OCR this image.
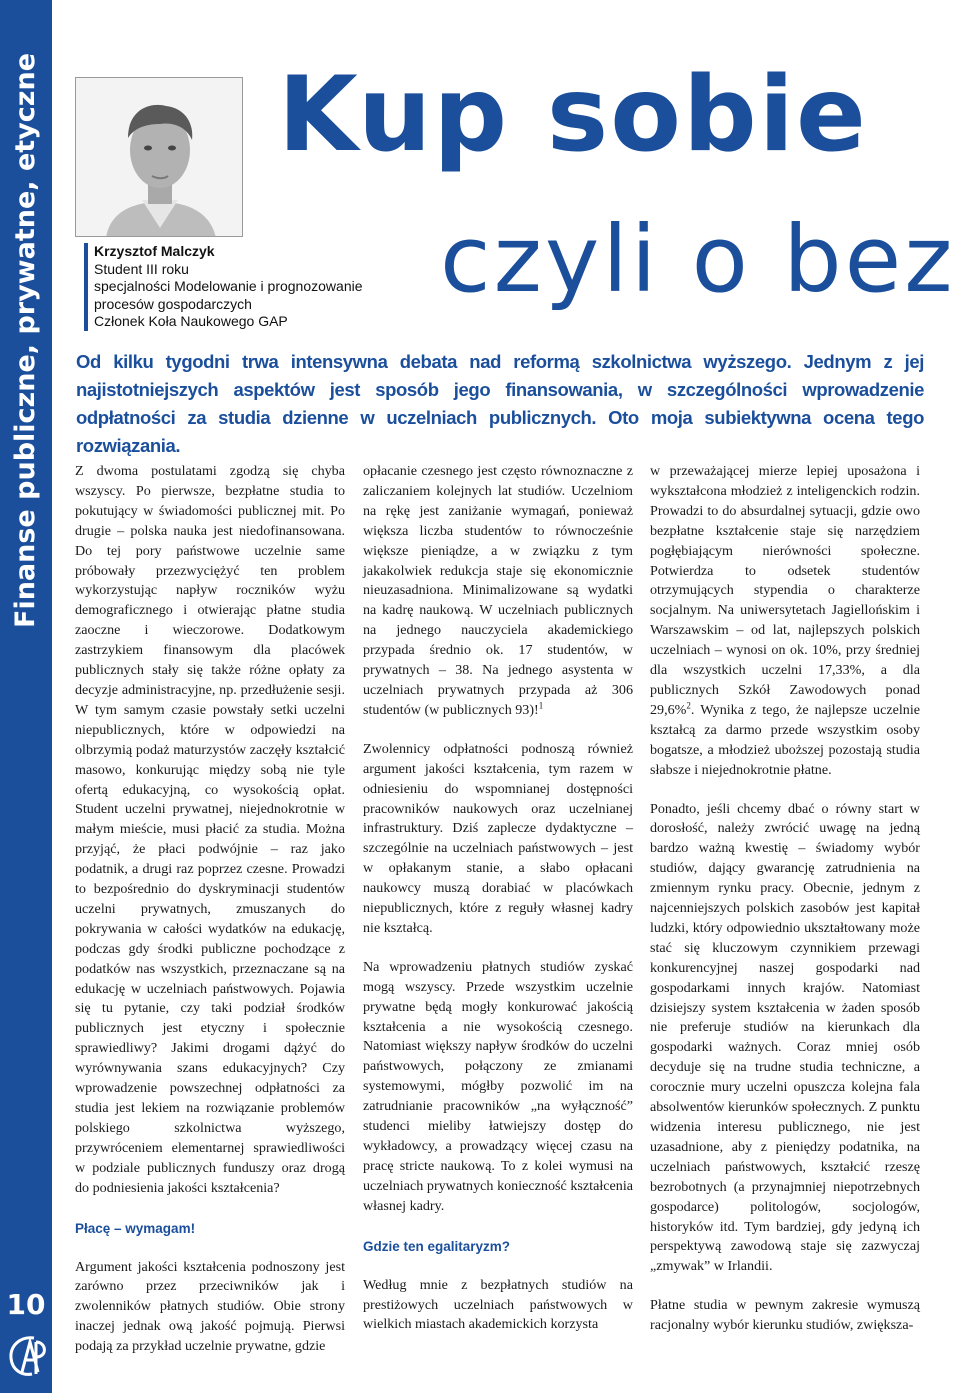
Finanse publiczne, prywatne, etyczne
10
Krzysztof Malczyk
Student III roku
specjalności Modelowanie i prognozowanie
procesów gospodarczych
Członek Koła Naukowego GAP
Kup sobie
czyli o bez
Od kilku tygodni trwa intensywna debata nad reformą szkolnictwa wyższego. Jednym z jej najistotniejszych aspektów jest sposób jego finansowania, w szczególności wprowadzenie odpłatności za studia dzienne w uczelniach publicznych. Oto moja subiektywna ocena tego rozwiązania.

Z dwoma postulatami zgodzą się chyba wszyscy. Po pierwsze, bezpłatne studia to pokutujący w świadomości publicznej mit. Po drugie – polska nauka jest niedofinansowana. Do tej pory państwowe uczelnie same próbowały przezwyciężyć ten problem wykorzystując napływ roczników wyżu demograficznego i otwierając płatne studia zaoczne i wieczorowe. Dodatkowym zastrzykiem finansowym dla placówek publicznych stały się także różne opłaty za decyzje administracyjne, np. przedłużenie sesji. W tym samym czasie powstały setki uczelni niepublicznych, które w odpowiedzi na olbrzymią podaż maturzystów zaczęły kształcić masowo, konkurując między sobą nie tyle ofertą edukacyjną, co wysokością opłat. Student uczelni prywatnej, niejednokrotnie w małym mieście, musi płacić za studia. Można przyjąć, że płaci podwójnie – raz jako podatnik, a drugi raz poprzez czesne. Prowadzi to bezpośrednio do dyskryminacji studentów uczelni prywatnych, zmuszanych do pokrywania w całości wydatków na edukację, podczas gdy środki publiczne pochodzące z podatków nas wszystkich, przeznaczane są na edukację w uczelniach państwowych. Pojawia się tu pytanie, czy taki podział środków publicznych jest etyczny i społecznie sprawiedliwy? Jakimi drogami dążyć do wyrównywania szans edukacyjnych? Czy wprowadzenie powszechnej odpłatności za studia jest lekiem na rozwiązanie problemów polskiego szkolnictwa wyższego, przywróceniem elementarnej sprawiedliwości w podziale publicznych funduszy oraz drogą do podniesienia jakości kształcenia?

Płacę – wymagam!

Argument jakości kształcenia podnoszony jest zarówno przez przeciwników jak i zwolenników płatnych studiów. Obie strony inaczej jednak ową jakość pojmują. Pierwsi podają za przykład uczelnie prywatne, gdzie

opłacanie czesnego jest często równoznaczne z zaliczaniem kolejnych lat studiów. Uczelniom na rękę jest zaniżanie wymagań, ponieważ większa liczba studentów to równocześnie większe pieniądze, a w związku z tym jakakolwiek redukcja staje się ekonomicznie nieuzasadniona. Minimalizowane są wydatki na kadrę naukową. W uczelniach publicznych na jednego nauczyciela akademickiego przypada średnio ok. 17 studentów, w prywatnych – 38. Na jednego asystenta w uczelniach prywatnych przypada aż 306 studentów (w publicznych 93)!$^1$

Zwolennicy odpłatności podnoszą również argument jakości kształcenia, tym razem w odniesieniu do wspomnianej dostępności pracowników naukowych oraz uczelnianej infrastruktury. Dziś zaplecze dydaktyczne – szczególnie na uczelniach państwowych – jest w opłakanym stanie, a słabo opłacani naukowcy muszą dorabiać w placówkach niepublicznych, które z reguły własnej kadry nie kształcą.

Na wprowadzeniu płatnych studiów zyskać mogą wszyscy. Przede wszystkim uczelnie prywatne będą mogły konkurować jakością kształcenia a nie wysokością czesnego. Natomiast większy napływ środków do uczelni państwowych, połączony ze zmianami systemowymi, mógłby pozwolić im na zatrudnianie pracowników „na wyłączność” studenci mieliby łatwiejszy dostęp do wykładowcy, a prowadzący więcej czasu na pracę stricte naukową. To z kolei wymusi na uczelniach prywatnych konieczność kształcenia własnej kadry.

Gdzie ten egalitaryzm?

Według mnie z bezpłatnych studiów na prestiżowych uczelniach państwowych w wielkich miastach akademickich korzysta

w przeważającej mierze lepiej uposażona i wykształcona młodzież z inteligenckich rodzin. Prowadzi to do absurdalnej sytuacji, gdzie owo bezpłatne kształcenie staje się narzędziem pogłębiającym nierówności społeczne. Potwierdza to odsetek studentów otrzymujących stypendia o charakterze socjalnym. Na uniwersytetach Jagiellońskim i Warszawskim – od lat, najlepszych polskich uczelniach – wynosi on ok. 10%, przy średniej dla wszystkich uczelni 17,33%, a dla publicznych Szkół Zawodowych ponad 29,6%$^2$. Wynika z tego, że najlepsze uczelnie kształcą za darmo przede wszystkim osoby bogatsze, a młodzież uboższej pozostają studia słabsze i niejednokrotnie płatne.

Ponadto, jeśli chcemy dbać o równy start w dorosłość, należy zwrócić uwagę na jedną bardzo ważną kwestię – świadomy wybór studiów, dający gwarancję zatrudnienia na zmiennym rynku pracy. Obecnie, jednym z najcenniejszych polskich zasobów jest kapitał ludzki, który odpowiednio ukształtowany może stać się kluczowym czynnikiem przewagi konkurencyjnej naszej gospodarki nad gospodarkami innych krajów. Natomiast dzisiejszy system kształcenia w żaden sposób nie preferuje studiów na kierunkach dla gospodarki ważnych. Coraz mniej osób decyduje się na trudne studia techniczne, a corocznie mury uczelni opuszcza kolejna fala absolwentów kierunków społecznych. Z punktu widzenia interesu publicznego, nie jest uzasadnione, aby z pieniędzy podatnika, na uczelniach państwowych, kształcić rzeszę bezrobotnych (a przynajmniej niepotrzebnych gospodarce) politologów, socjologów, historyków itd. Tym bardziej, gdy jedyną ich perspektywą zawodową staje się zazwyczaj „zmywak” w Irlandii.

Płatne studia w pewnym zakresie wymuszą racjonalny wybór kierunku studiów, zwiększa-
